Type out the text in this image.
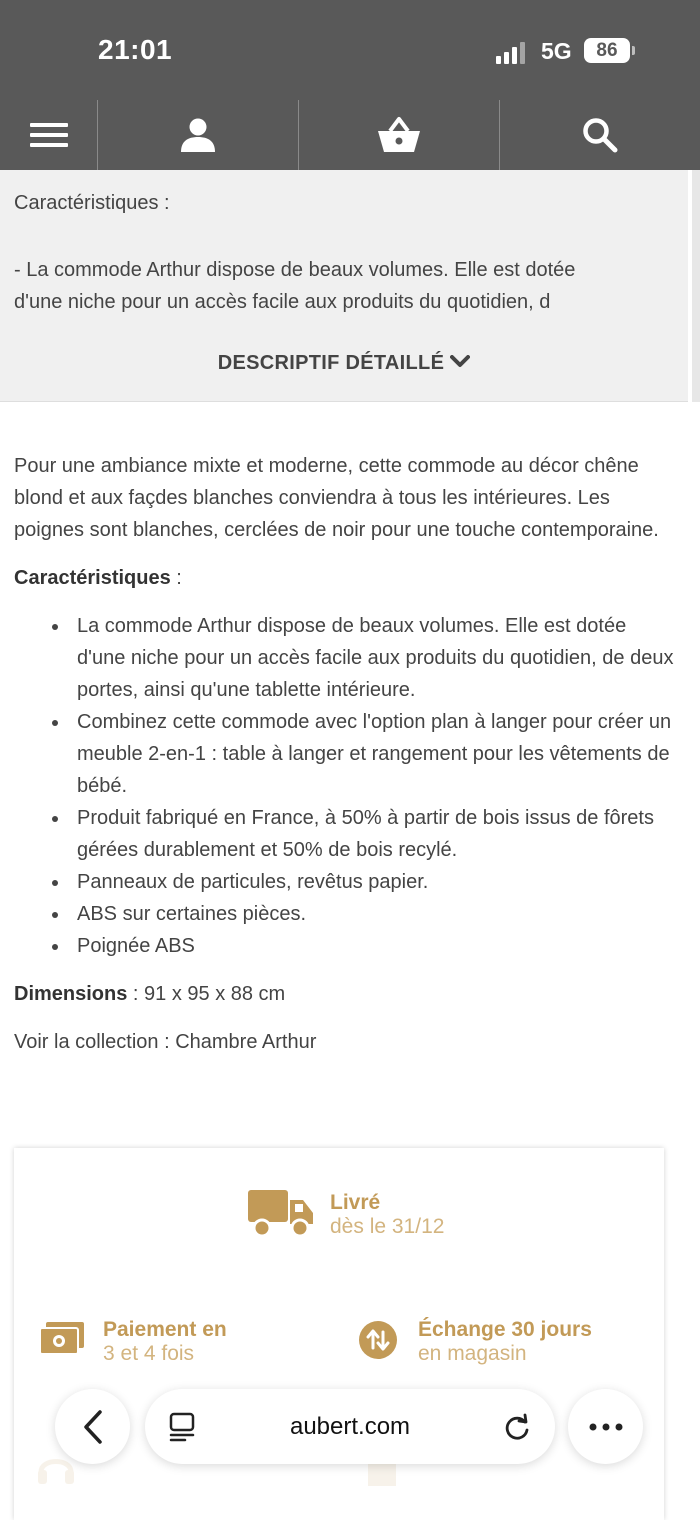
21:01	5G	86
Caractéristiques :
- La commode Arthur dispose de beaux volumes. Elle est dotée
d'une niche pour un accès facile aux produits du quotidien, d
DESCRIPTIF DÉTAILLÉ

Pour une ambiance mixte et moderne, cette commode au décor chêne blond et aux façdes blanches conviendra à tous les intérieures. Les poignes sont blanches, cerclées de noir pour une touche contemporaine.

Caractéristiques :

La commode Arthur dispose de beaux volumes. Elle est dotée d'une niche pour un accès facile aux produits du quotidien, de deux portes, ainsi qu'une tablette intérieure.
Combinez cette commode avec l'option plan à langer pour créer un meuble 2-en-1 : table à langer et rangement pour les vêtements de bébé.
Produit fabriqué en France, à 50% à partir de bois issus de fôrets gérées durablement et 50% de bois recylé.
Panneaux de particules, revêtus papier.
ABS sur certaines pièces.
Poignée ABS

Dimensions : 91 x 95 x 88 cm

Voir la collection : Chambre Arthur

Livré
dès le 31/12
Paiement en
3 et 4 fois
Échange 30 jours
en magasin
aubert.com
